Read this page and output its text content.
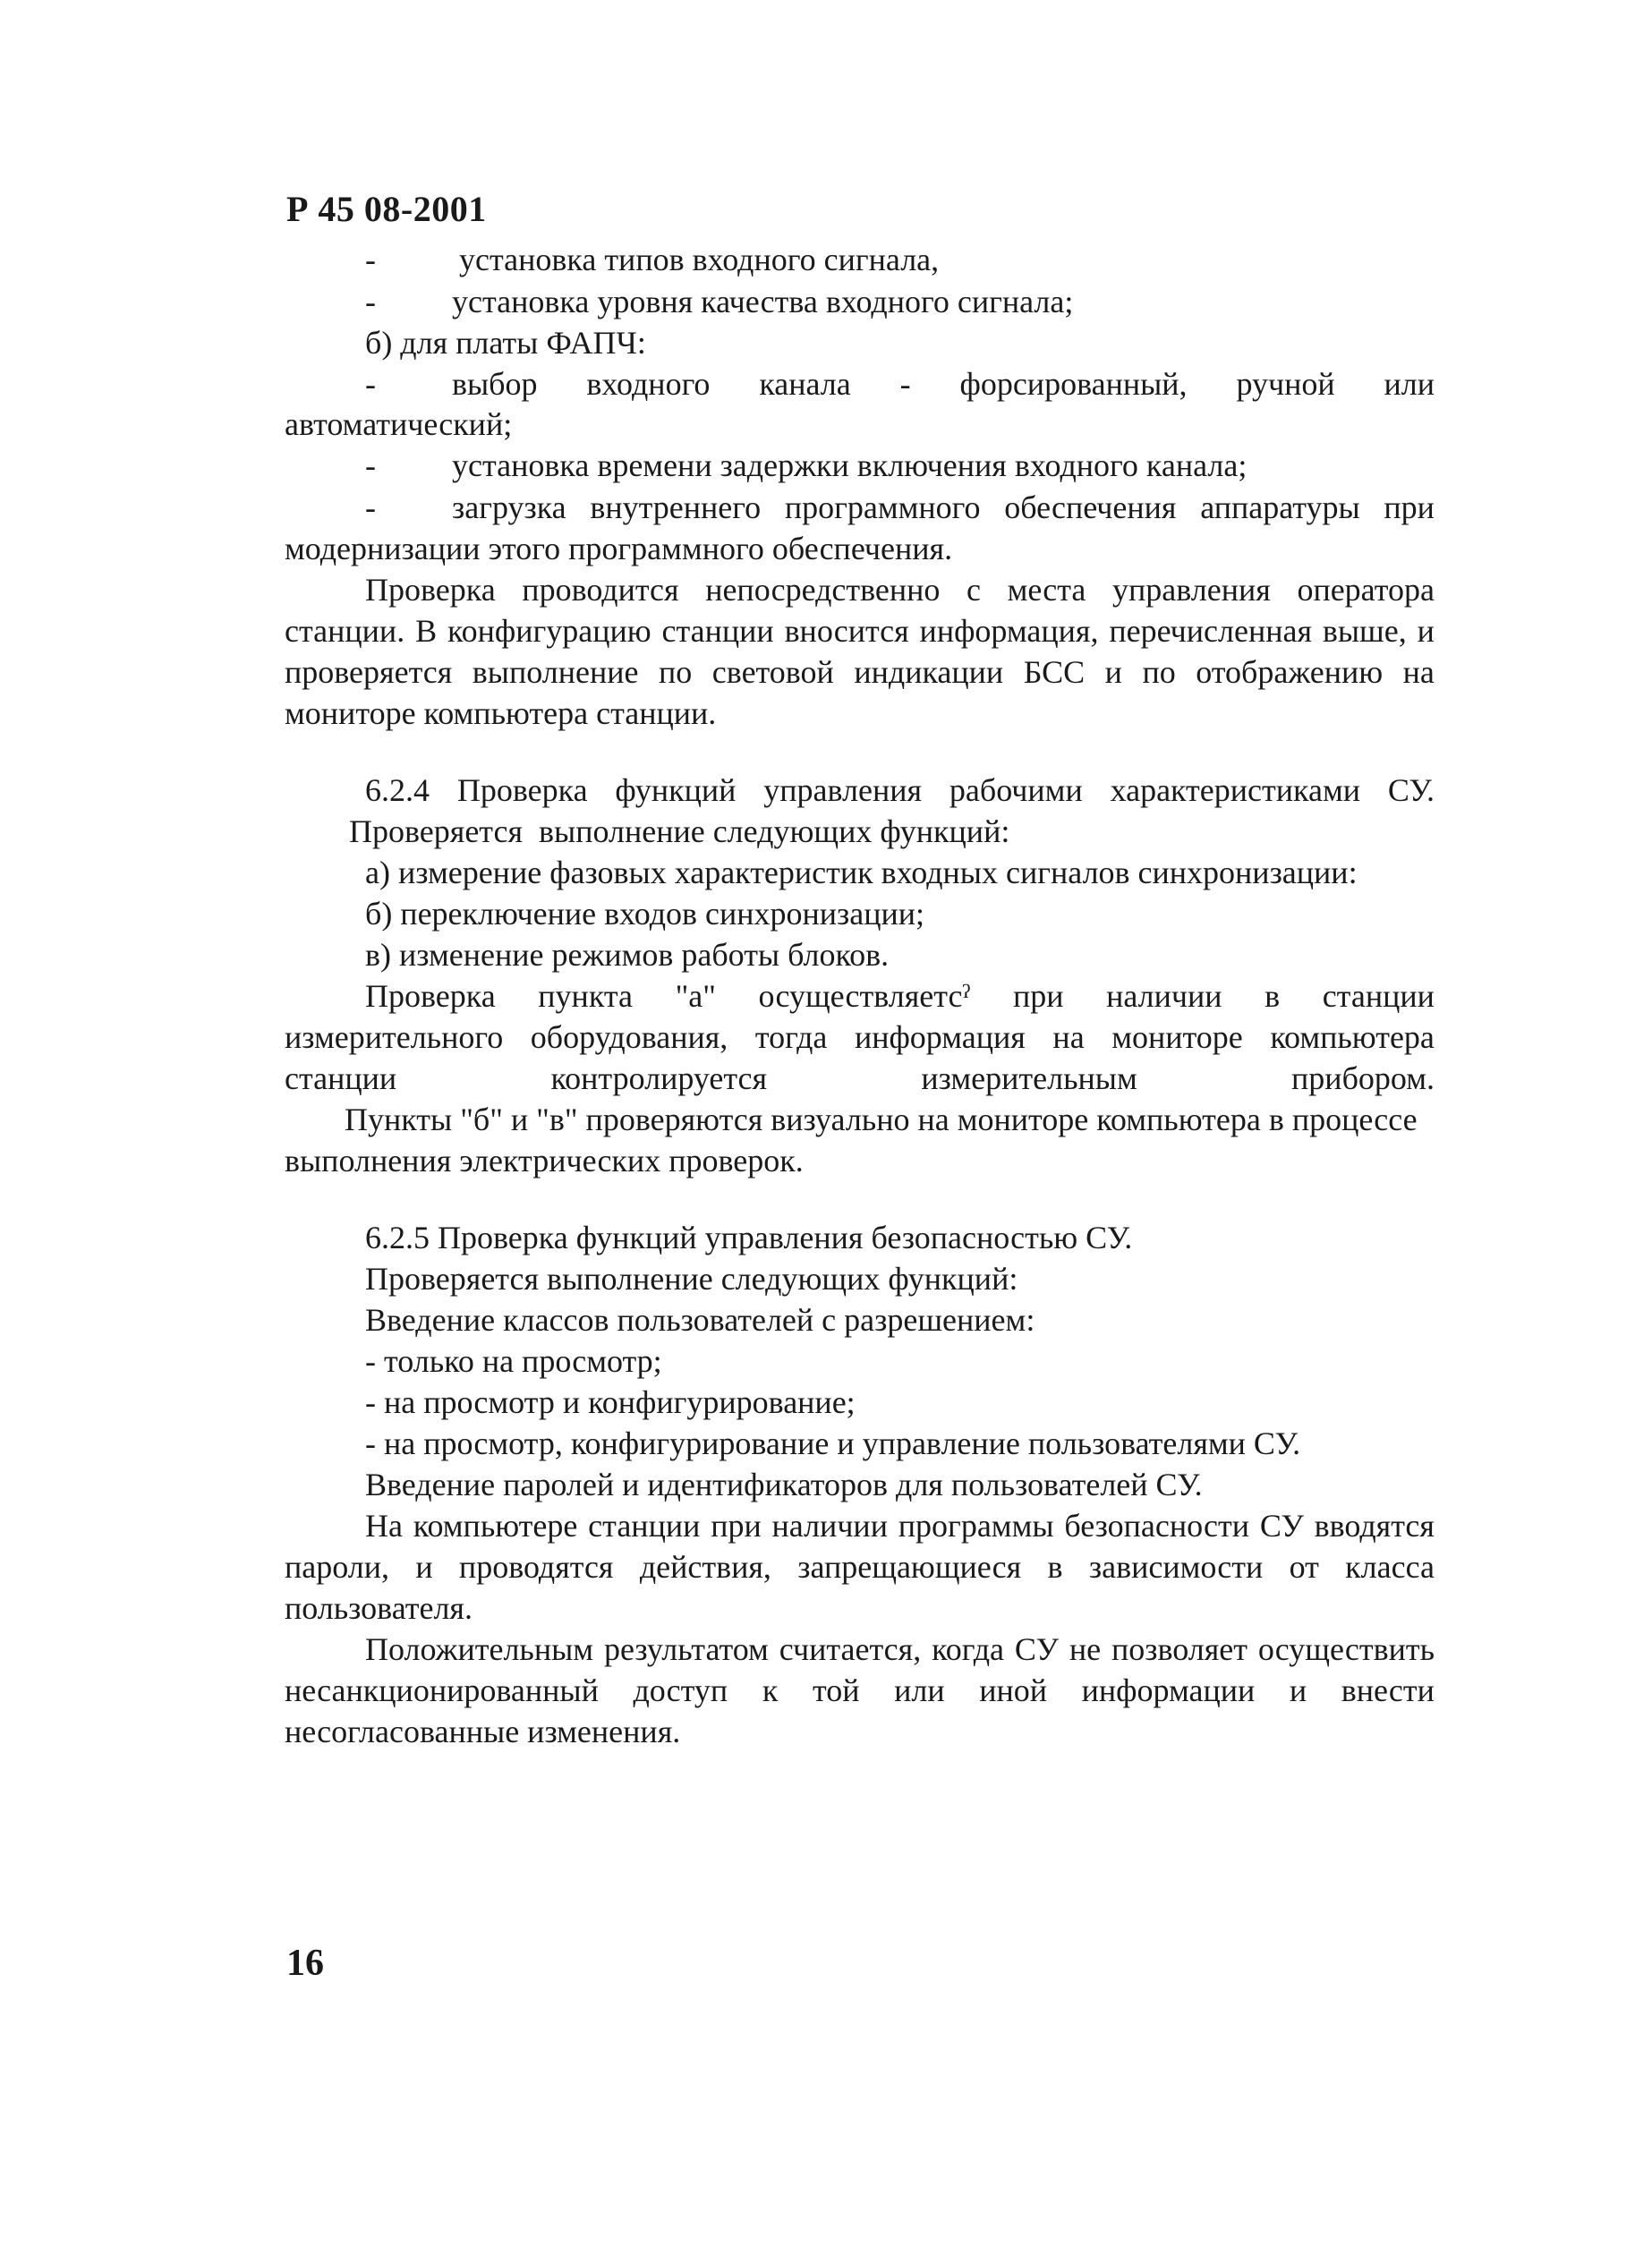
Р 45 08-2001
-	установка типов входного сигнала,
- установка уровня качества входного сигнала;
б) для платы ФАПЧ:
- выбор входного канала - форсированный, ручной или
автоматический;
- установка времени задержки включения входного канала;
- загрузка внутреннего программного обеспечения аппаратуры при
модернизации этого программного обеспечения.
Проверка проводится непосредственно с места управления оператора
станции. В конфигурацию станции вносится информация, перечисленная выше, и
проверяется выполнение по световой индикации БСС и по отображению на
мониторе компьютера станции.
6.2.4 Проверка функций управления рабочими характеристиками СУ.
Проверяется  выполнение следующих функций:
а) измерение фазовых характеристик входных сигналов синхронизации:
б) переключение входов синхронизации;
в) изменение режимов работы блоков.
Проверка пункта "а" осуществляетсˀ при наличии в станции
измерительного оборудования, тогда информация на мониторе компьютера
станции	контролируется	измерительным	прибором.
Пункты "б" и "в" проверяются визуально на мониторе компьютера в процессе
выполнения электрических проверок.
6.2.5 Проверка функций управления безопасностью СУ.
Проверяется выполнение следующих функций:
Введение классов пользователей с разрешением:
- только на просмотр;
- на просмотр и конфигурирование;
- на просмотр, конфигурирование и управление пользователями СУ.
Введение паролей и идентификаторов для пользователей СУ.
На компьютере станции при наличии программы безопасности СУ вводятся
пароли, и проводятся действия, запрещающиеся в зависимости от класса
пользователя.
Положительным результатом считается, когда СУ не позволяет осуществить
несанкционированный доступ к той или иной информации и внести
несогласованные изменения.
16
